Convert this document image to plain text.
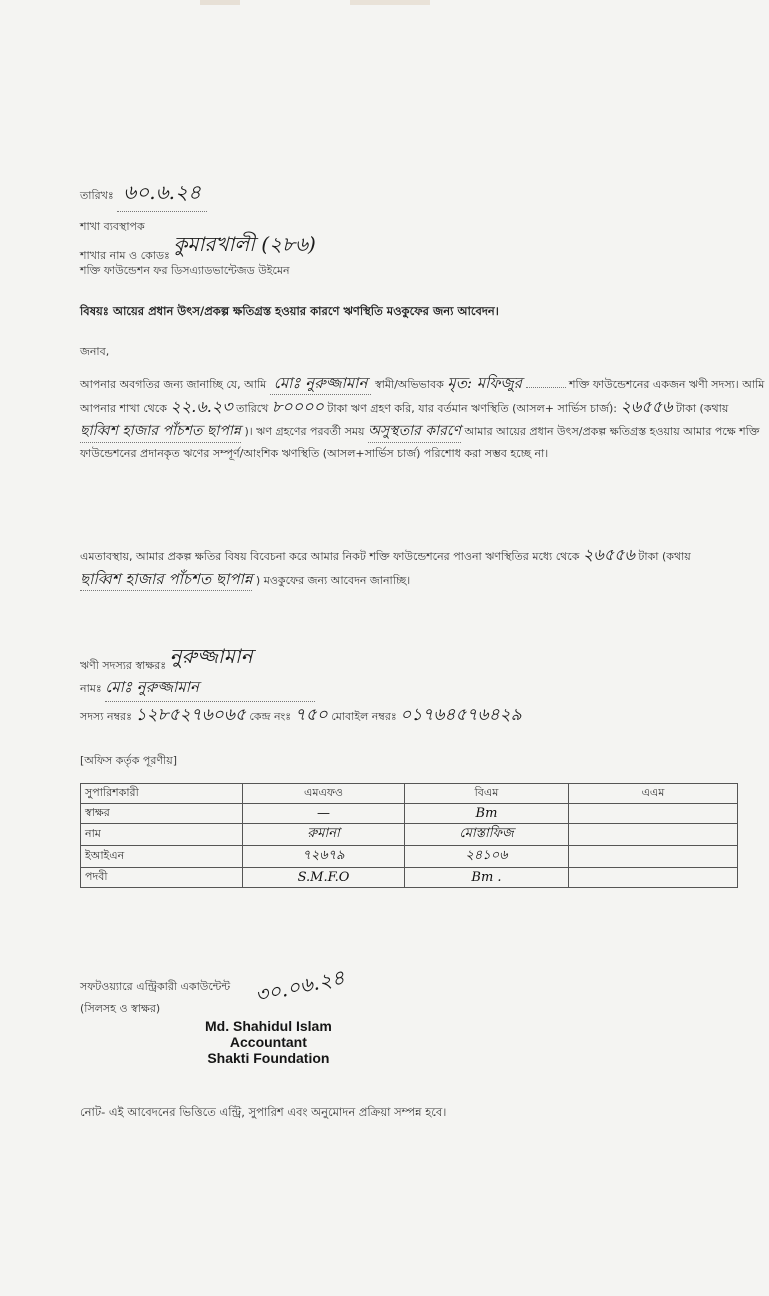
তারিখঃ ৬০.৬.২৪
শাখা ব্যবস্থাপক
শাখার নাম ও কোডঃ কুমারখালী (২৮৬)
শক্তি ফাউন্ডেশন ফর ডিসএ্যাডভান্টেজড উইমেন
বিষয়ঃ আয়ের প্রধান উৎস/প্রকল্প ক্ষতিগ্রস্ত হওয়ার কারণে ঋণস্থিতি মওকুফের জন্য আবেদন।
জনাব,
আপনার অবগতির জন্য জানাচ্ছি যে, আমি মোঃ নুরুজ্জামান স্বামী/অভিভাবক মৃত: মফিজুর	শক্তি ফাউন্ডেশনের একজন ঋণী সদস্য। আমি আপনার শাখা থেকে ২২.৬.২৩ তারিখে ৮০০০০ টাকা ঋণ গ্রহণ করি, যার বর্তমান ঋণস্থিতি (আসল+ সার্ভিস চার্জ): ২৬৫৫৬ টাকা (কথায় ছাব্বিশ হাজার পাঁচশত ছাপান্ন )। ঋণ গ্রহণের পরবর্তী সময় অসুস্থতার কারণে আমার আয়ের প্রধান উৎস/প্রকল্প ক্ষতিগ্রস্ত হওয়ায় আমার পক্ষে শক্তি ফাউন্ডেশনের প্রদানকৃত ঋণের সম্পূর্ণ/আংশিক ঋণস্থিতি (আসল+সার্ভিস চার্জ) পরিশোধ করা সম্ভব হচ্ছে না।
এমতাবস্থায়, আমার প্রকল্প ক্ষতির বিষয় বিবেচনা করে আমার নিকট শক্তি ফাউন্ডেশনের পাওনা ঋণস্থিতির মধ্যে থেকে ২৬৫৫৬ টাকা (কথায় ছাব্বিশ হাজার পাঁচশত ছাপান্ন ) মওকুফের জন্য আবেদন জানাচ্ছি।
ঋণী সদস্যর স্বাক্ষরঃ নুরুজ্জামান
নামঃ মোঃ নুরুজ্জামান
সদস্য নম্বরঃ ১২৮৫২৭৬০৬৫ কেন্দ্র নংঃ ৭৫০ মোবাইল নম্বরঃ ০১৭৬৪৫৭৬৪২৯
[অফিস কর্তৃক পূরণীয়]
সুপারিশকারী	এমএফও	বিএম	এএম
স্বাক্ষর	—	Bm	
নাম	রুমানা	মোস্তাফিজ	
ইআইএন	৭২৬৭৯	২৪১০৬	
পদবী	S.M.F.O	Bm .	
সফটওয়্যারে এন্ট্রিকারী একাউন্টেন্ট
(সিলসহ ও স্বাক্ষর)
৩০.০৬.২৪
Md. Shahidul Islam
Accountant
Shakti Foundation
নোট- এই আবেদনের ভিত্তিতে এন্ট্রি, সুপারিশ এবং অনুমোদন প্রক্রিয়া সম্পন্ন হবে।
